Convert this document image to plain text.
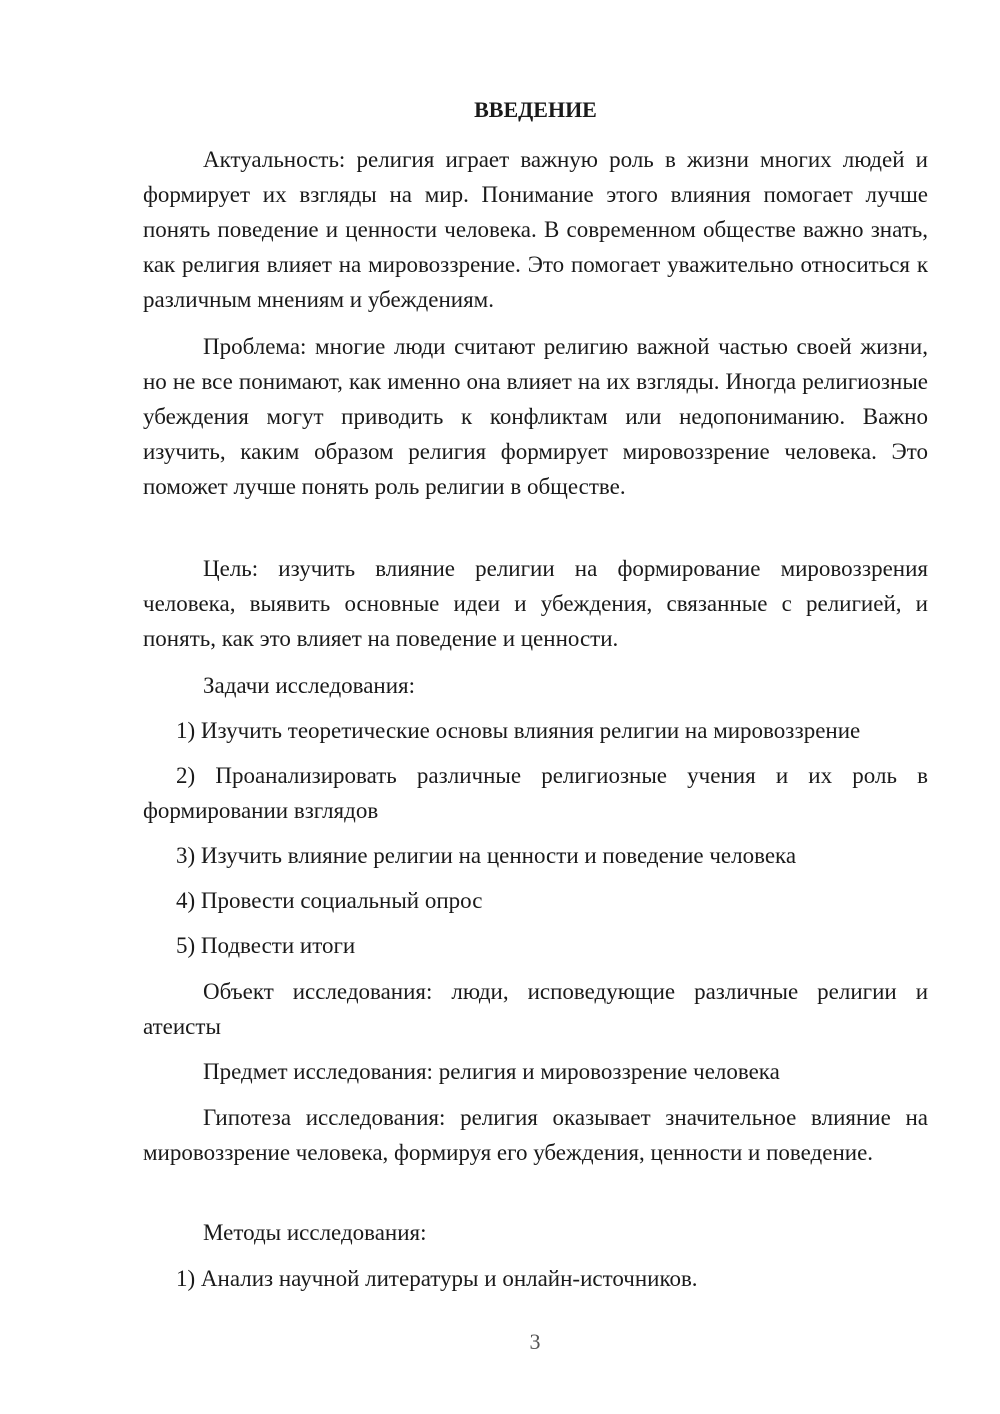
ВВЕДЕНИЕ

Актуальность: религия играет важную роль в жизни многих людей и формирует их взгляды на мир. Понимание этого влияния помогает лучше понять поведение и ценности человека. В современном обществе важно знать, как религия влияет на мировоззрение. Это помогает уважительно относиться к различным мнениям и убеждениям.

Проблема: многие люди считают религию важной частью своей жизни, но не все понимают, как именно она влияет на их взгляды. Иногда религиозные убеждения могут приводить к конфликтам или недопониманию. Важно изучить, каким образом религия формирует мировоззрение человека. Это поможет лучше понять роль религии в обществе.

Цель: изучить влияние религии на формирование мировоззрения человека, выявить основные идеи и убеждения, связанные с религией, и понять, как это влияет на поведение и ценности.

Задачи исследования:

1) Изучить теоретические основы влияния религии на мировоззрение

2) Проанализировать различные религиозные учения и их роль в формировании взглядов

3) Изучить влияние религии на ценности и поведение человека

4) Провести социальный опрос

5) Подвести итоги

Объект исследования: люди, исповедующие различные религии и атеисты

Предмет исследования: религия и мировоззрение человека

Гипотеза исследования: религия оказывает значительное влияние на мировоззрение человека, формируя его убеждения, ценности и поведение.

Методы исследования:

1) Анализ научной литературы и онлайн-источников.

3
